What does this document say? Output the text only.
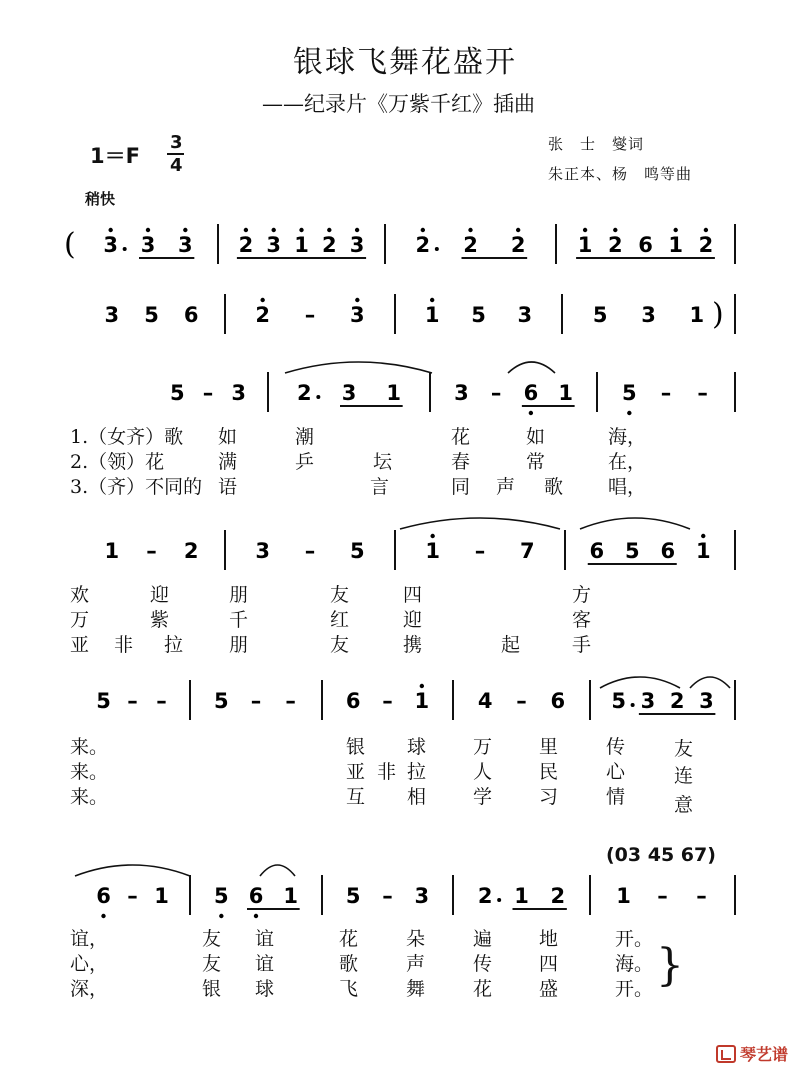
银球飞舞花盛开
——纪录片《万紫千红》插曲
1＝F
3
4
张　士　燮词
朱正本、杨　鸣等曲
稍快
( 3 3 3 2 3 1 2 3 2 2 2 1 2 6 1 2
3 5 6	2 – 3	1 5 3	5 3 1 )
5 – 3 2 3 1	3 – 6 1 5 – –
1 – 2	3 – 5	1 – 7	6 5 6 1
5 – – 5 – – 6 – 1 4 – 6 5 3 2 3
6 – 1 5 6 1 5 – 3 2 1 2 1 – –
1.（女齐）歌 如	潮	花	如	海，
2.（领）花	满	乒	坛	春	常	在，
3.（齐）不同的 语	言	同 声 歌 唱，
欢	迎	朋	友	四	方
万	紫	千	红	迎	客
亚 非 拉 朋	友	携	起	手
来。	银 球 万 里	传	友
来。	亚 非 拉 人 民	心	连
来。	互 相 学 习	情	意
谊，	友 谊	花	朵	遍 地	开。
心，	友 谊	歌	声	传 四	海。
深，	银 球	飞	舞	花 盛	开。
(03 45 67)
}
琴艺谱
